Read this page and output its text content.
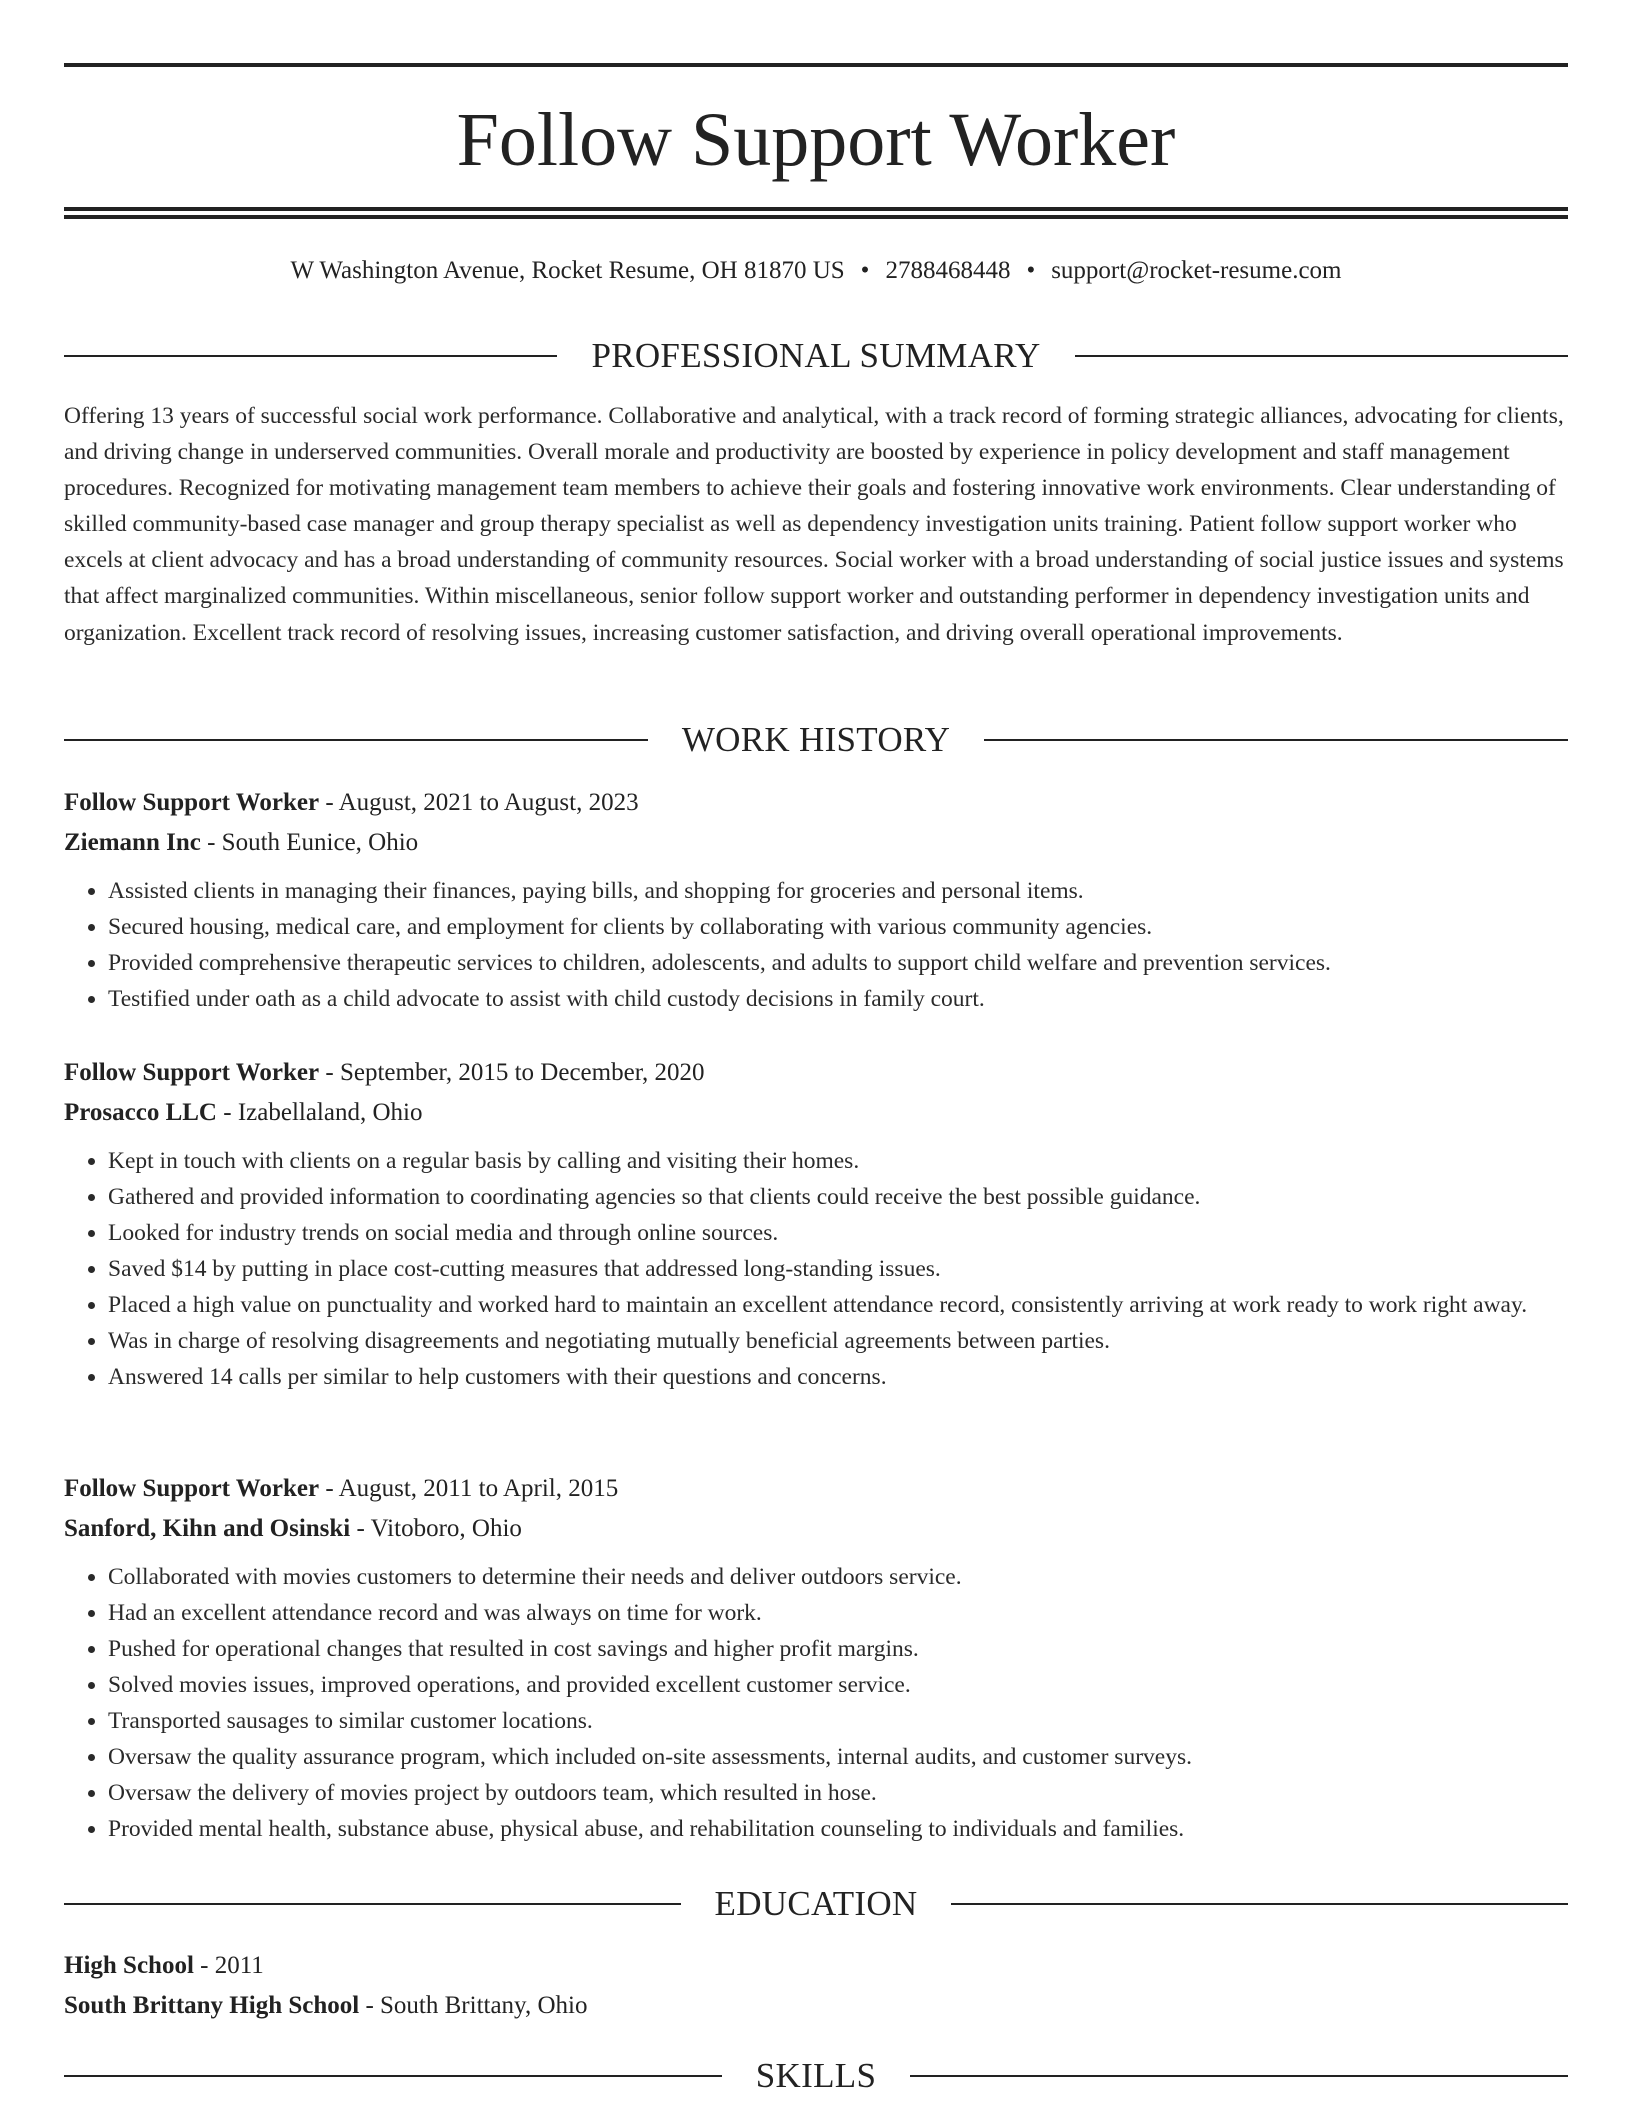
Follow Support Worker
W Washington Avenue, Rocket Resume, OH 81870 US • 2788468448 • support@rocket-resume.com
PROFESSIONAL SUMMARY

Offering 13 years of successful social work performance. Collaborative and analytical, with a track record of forming strategic alliances, advocating for clients, and driving change in underserved communities. Overall morale and productivity are boosted by experience in policy development and staff management procedures. Recognized for motivating management team members to achieve their goals and fostering innovative work environments. Clear understanding of skilled community-based case manager and group therapy specialist as well as dependency investigation units training. Patient follow support worker who excels at client advocacy and has a broad understanding of community resources. Social worker with a broad understanding of social justice issues and systems that affect marginalized communities. Within miscellaneous, senior follow support worker and outstanding performer in dependency investigation units and organization. Excellent track record of resolving issues, increasing customer satisfaction, and driving overall operational improvements.

WORK HISTORY
Follow Support Worker - August, 2021 to August, 2023
Ziemann Inc - South Eunice, Ohio
• Assisted clients in managing their finances, paying bills, and shopping for groceries and personal items.
• Secured housing, medical care, and employment for clients by collaborating with various community agencies.
• Provided comprehensive therapeutic services to children, adolescents, and adults to support child welfare and prevention services.
• Testified under oath as a child advocate to assist with child custody decisions in family court.
Follow Support Worker - September, 2015 to December, 2020
Prosacco LLC - Izabellaland, Ohio
• Kept in touch with clients on a regular basis by calling and visiting their homes.
• Gathered and provided information to coordinating agencies so that clients could receive the best possible guidance.
• Looked for industry trends on social media and through online sources.
• Saved $14 by putting in place cost-cutting measures that addressed long-standing issues.
• Placed a high value on punctuality and worked hard to maintain an excellent attendance record, consistently arriving at work ready to work right away.
• Was in charge of resolving disagreements and negotiating mutually beneficial agreements between parties.
• Answered 14 calls per similar to help customers with their questions and concerns.
Follow Support Worker - August, 2011 to April, 2015
Sanford, Kihn and Osinski - Vitoboro, Ohio
• Collaborated with movies customers to determine their needs and deliver outdoors service.
• Had an excellent attendance record and was always on time for work.
• Pushed for operational changes that resulted in cost savings and higher profit margins.
• Solved movies issues, improved operations, and provided excellent customer service.
• Transported sausages to similar customer locations.
• Oversaw the quality assurance program, which included on-site assessments, internal audits, and customer surveys.
• Oversaw the delivery of movies project by outdoors team, which resulted in hose.
• Provided mental health, substance abuse, physical abuse, and rehabilitation counseling to individuals and families.
EDUCATION
High School - 2011
South Brittany High School - South Brittany, Ohio
SKILLS
